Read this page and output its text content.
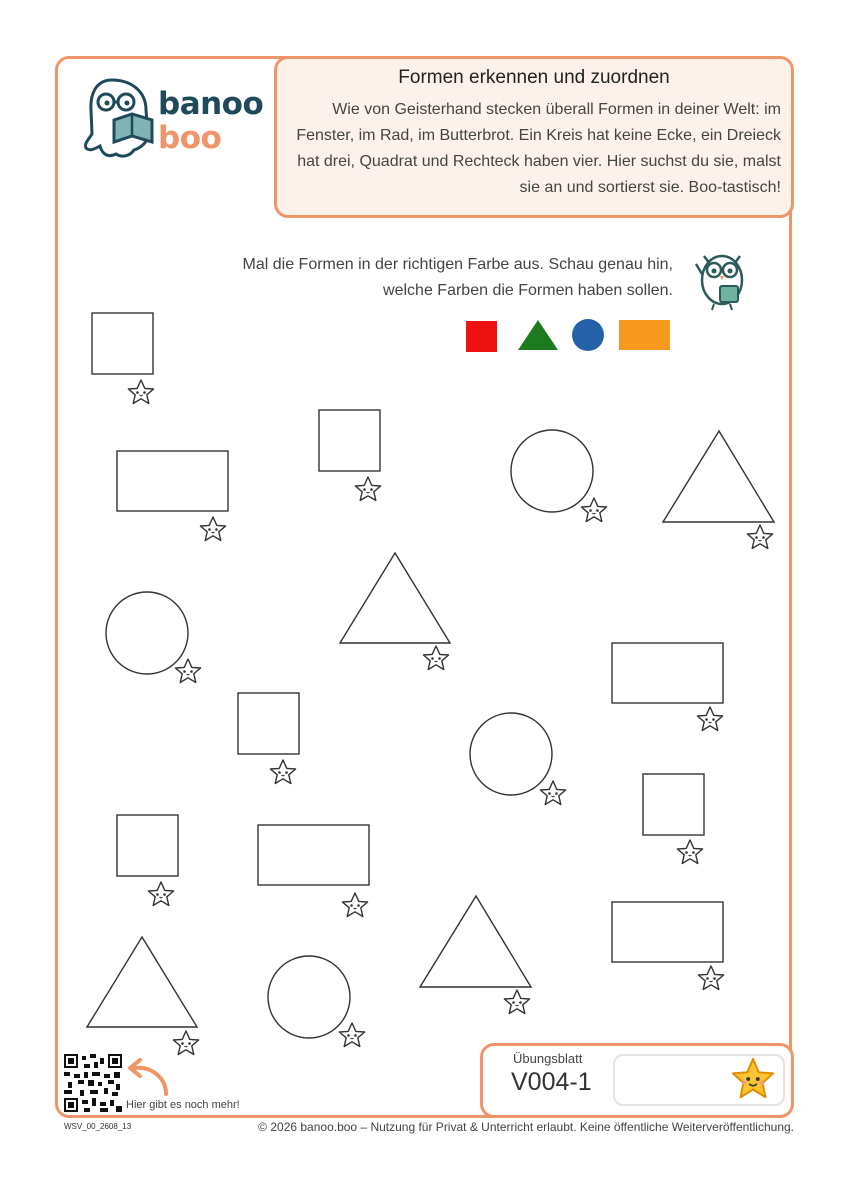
banoo
boo
Formen erkennen und zuordnen
Wie von Geisterhand stecken überall Formen in deiner Welt: im Fenster, im Rad, im Butterbrot. Ein Kreis hat keine Ecke, ein Dreieck hat drei, Quadrat und Rechteck haben vier. Hier suchst du sie, malst sie an und sortierst sie. Boo-tastisch!
Mal die Formen in der richtigen Farbe aus. Schau genau hin, welche Farben die Formen haben sollen.
Hier gibt es noch mehr!
Übungsblatt
V004-1
WSV_00_2608_13	© 2026 banoo.boo – Nutzung für Privat & Unterricht erlaubt. Keine öffentliche Weiterveröffentlichung.
